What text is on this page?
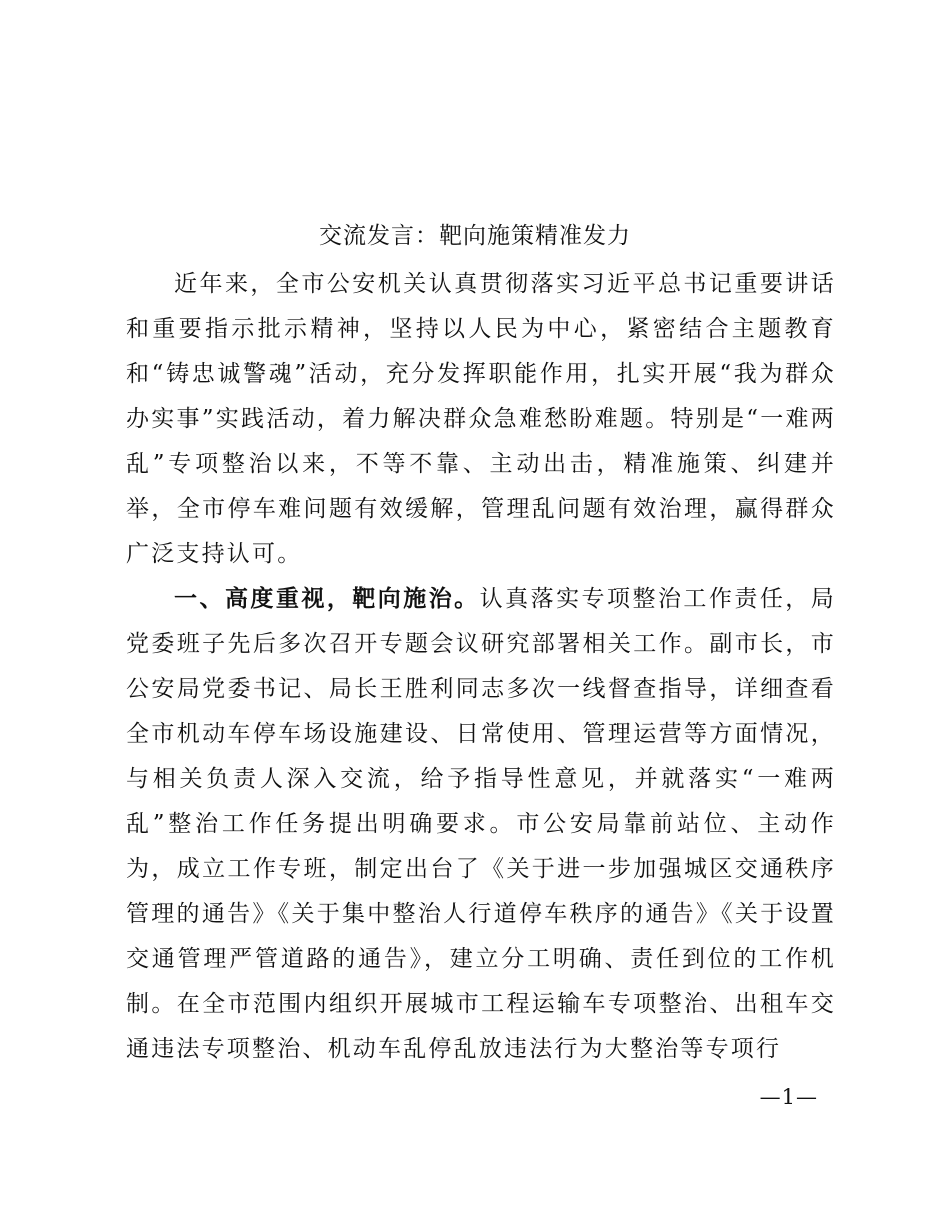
交流发言：靶向施策精准发力

近年来，全市公安机关认真贯彻落实习近平总书记重要讲话和重要指示批示精神，坚持以人民为中心，紧密结合主题教育和“铸忠诚警魂”活动，充分发挥职能作用，扎实开展“我为群众办实事”实践活动，着力解决群众急难愁盼难题。特别是“一难两乱”专项整治以来，不等不靠、主动出击，精准施策、纠建并举，全市停车难问题有效缓解，管理乱问题有效治理，赢得群众广泛支持认可。

一、高度重视，靶向施治。认真落实专项整治工作责任，局党委班子先后多次召开专题会议研究部署相关工作。副市长，市公安局党委书记、局长王胜利同志多次一线督查指导，详细查看全市机动车停车场设施建设、日常使用、管理运营等方面情况，与相关负责人深入交流，给予指导性意见，并就落实“一难两乱”整治工作任务提出明确要求。市公安局靠前站位、主动作为，成立工作专班，制定出台了《关于进一步加强城区交通秩序管理的通告》《关于集中整治人行道停车秩序的通告》《关于设置交通管理严管道路的通告》，建立分工明确、责任到位的工作机制。在全市范围内组织开展城市工程运输车专项整治、出租车交通违法专项整治、机动车乱停乱放违法行为大整治等专项行

—1—
